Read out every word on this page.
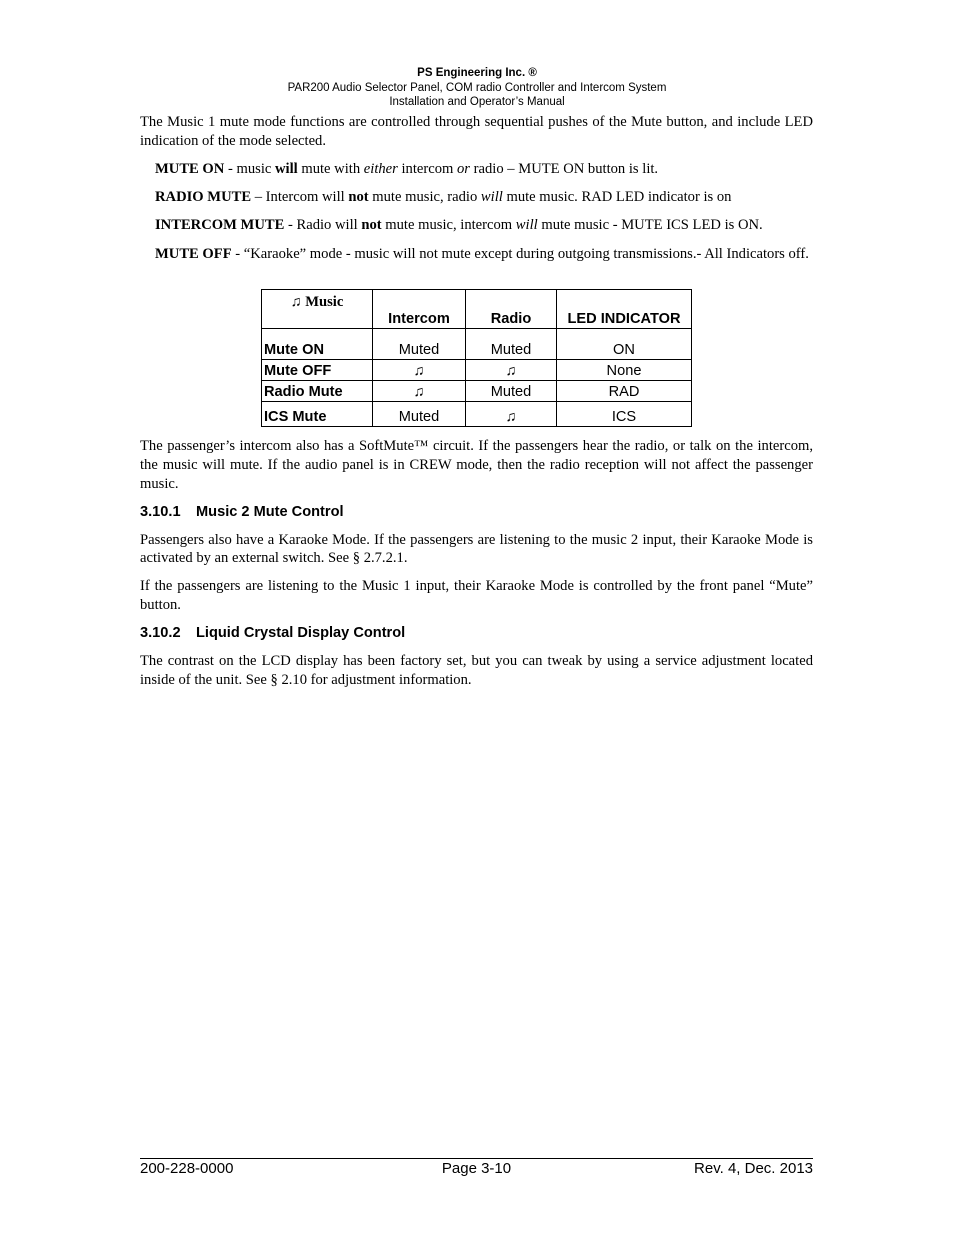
PS Engineering Inc. ®
PAR200 Audio Selector Panel, COM radio Controller and Intercom System
Installation and Operator’s Manual

The Music 1 mute mode functions are controlled through sequential pushes of the Mute button, and include LED indication of the mode selected.

MUTE ON - music will mute with either intercom or radio – MUTE ON button is lit.

RADIO MUTE – Intercom will not mute music, radio will mute music. RAD LED indicator is on

INTERCOM MUTE - Radio will not mute music, intercom will mute music - MUTE ICS LED is ON.

MUTE OFF - “Karaoke” mode - music will not mute except during outgoing transmissions.- All Indicators off.

♫ Music	Intercom	Radio	LED INDICATOR
Mute ON	Muted	Muted	ON
Mute OFF	♫	♫	None
Radio Mute	♫	Muted	RAD
ICS Mute	Muted	♫	ICS

The passenger’s intercom also has a SoftMute™ circuit. If the passengers hear the radio, or talk on the intercom, the music will mute. If the audio panel is in CREW mode, then the radio reception will not affect the passenger music.

3.10.1 Music 2 Mute Control

Passengers also have a Karaoke Mode. If the passengers are listening to the music 2 input, their Karaoke Mode is activated by an external switch. See § 2.7.2.1.

If the passengers are listening to the Music 1 input, their Karaoke Mode is controlled by the front panel “Mute” button.

3.10.2 Liquid Crystal Display Control

The contrast on the LCD display has been factory set, but you can tweak by using a service adjustment located inside of the unit. See § 2.10 for adjustment information.

200-228-0000	Page 3-10	Rev. 4, Dec. 2013
